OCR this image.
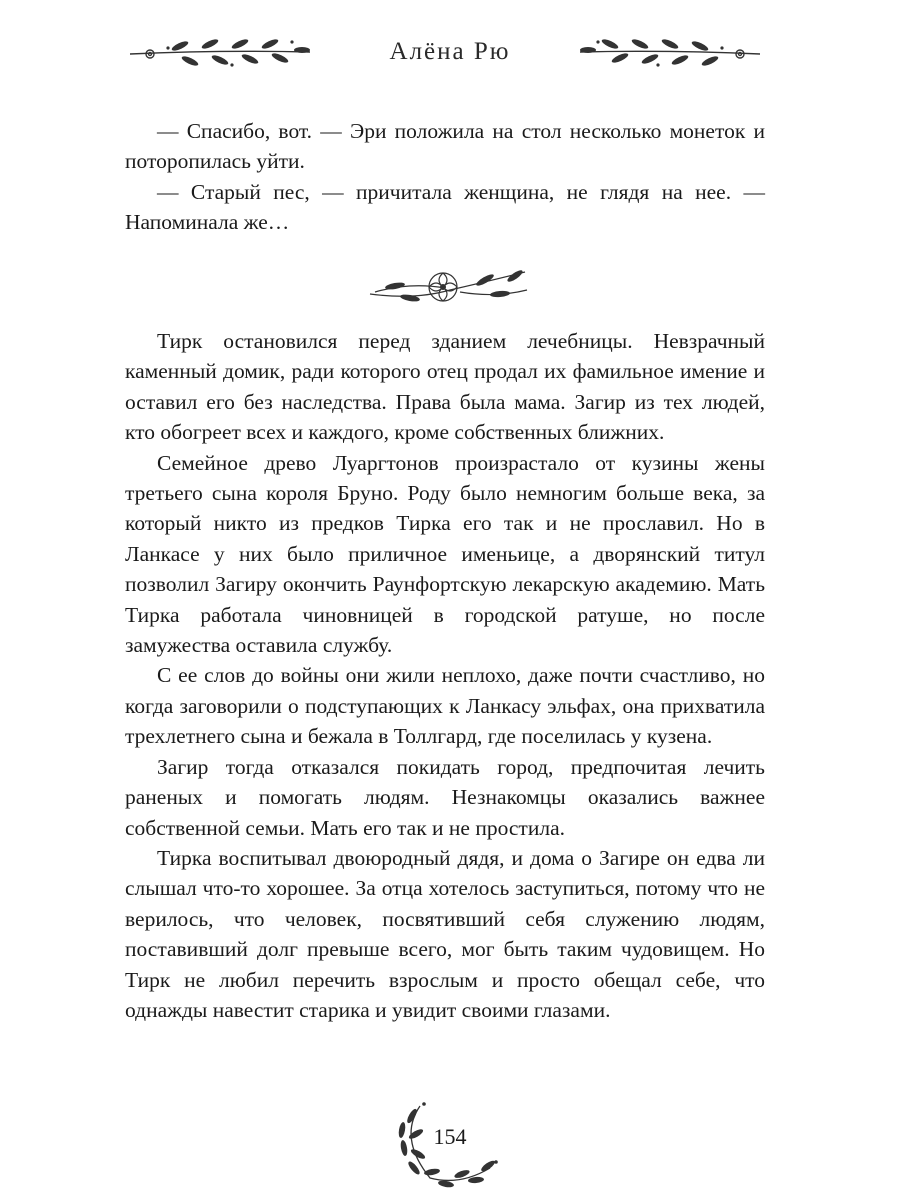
Алёна Рю

— Спасибо, вот. — Эри положила на стол несколько монеток и поторопилась уйти.

— Старый пес, — причитала женщина, не глядя на нее. — Напоминала же…

Тирк остановился перед зданием лечебницы. Невзрачный каменный домик, ради которого отец продал их фамильное имение и оставил его без наследства. Права была мама. Загир из тех людей, кто обогреет всех и каждого, кроме собственных ближних.

Семейное древо Луаргтонов произрастало от кузины жены третьего сына короля Бруно. Роду было немногим больше века, за который никто из предков Тирка его так и не прославил. Но в Ланкасе у них было приличное именьице, а дворянский титул позволил Загиру окончить Раунфортскую лекарскую академию. Мать Тирка работала чиновницей в городской ратуше, но после замужества оставила службу.

С ее слов до войны они жили неплохо, даже почти счастливо, но когда заговорили о подступающих к Ланкасу эльфах, она прихватила трехлетнего сына и бежала в Толлгард, где поселилась у кузена.

Загир тогда отказался покидать город, предпочитая лечить раненых и помогать людям. Незнакомцы оказались важнее собственной семьи. Мать его так и не простила.

Тирка воспитывал двоюродный дядя, и дома о Загире он едва ли слышал что-то хорошее. За отца хотелось заступиться, потому что не верилось, что человек, посвятивший себя служению людям, поставивший долг превыше всего, мог быть таким чудовищем. Но Тирк не любил перечить взрослым и просто обещал себе, что однажды навестит старика и увидит своими глазами.

154
